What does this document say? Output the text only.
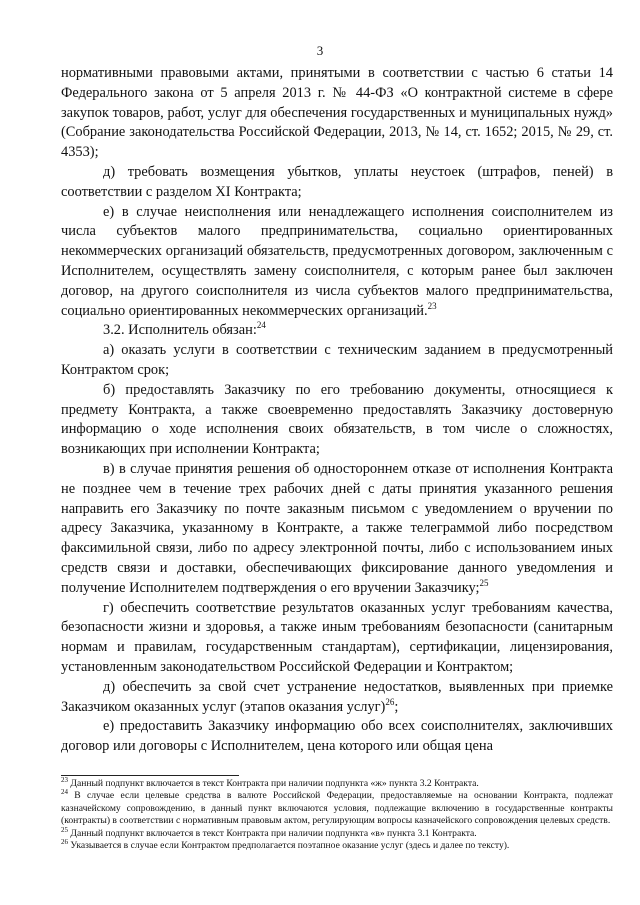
3

нормативными правовыми актами, принятыми в соответствии с частью 6 статьи 14 Федерального закона от 5 апреля 2013 г. № 44-ФЗ «О контрактной системе в сфере закупок товаров, работ, услуг для обеспечения государственных и муниципальных нужд» (Собрание законодательства Российской Федерации, 2013, № 14, ст. 1652; 2015, № 29, ст. 4353);

д) требовать возмещения убытков, уплаты неустоек (штрафов, пеней) в соответствии с разделом XI Контракта;

е) в случае неисполнения или ненадлежащего исполнения соисполнителем из числа субъектов малого предпринимательства, социально ориентированных некоммерческих организаций обязательств, предусмотренных договором, заключенным с Исполнителем, осуществлять замену соисполнителя, с которым ранее был заключен договор, на другого соисполнителя из числа субъектов малого предпринимательства, социально ориентированных некоммерческих организаций.$^{23}$

3.2. Исполнитель обязан:$^{24}$

а) оказать услуги в соответствии с техническим заданием в предусмотренный Контрактом срок;

б) предоставлять Заказчику по его требованию документы, относящиеся к предмету Контракта, а также своевременно предоставлять Заказчику достоверную информацию о ходе исполнения своих обязательств, в том числе о сложностях, возникающих при исполнении Контракта;

в) в случае принятия решения об одностороннем отказе от исполнения Контракта не позднее чем в течение трех рабочих дней с даты принятия указанного решения направить его Заказчику по почте заказным письмом с уведомлением о вручении по адресу Заказчика, указанному в Контракте, а также телеграммой либо посредством факсимильной связи, либо по адресу электронной почты, либо с использованием иных средств связи и доставки, обеспечивающих фиксирование данного уведомления и получение Исполнителем подтверждения о его вручении Заказчику;$^{25}$

г) обеспечить соответствие результатов оказанных услуг требованиям качества, безопасности жизни и здоровья, а также иным требованиям безопасности (санитарным нормам и правилам, государственным стандартам), сертификации, лицензирования, установленным законодательством Российской Федерации и Контрактом;

д) обеспечить за свой счет устранение недостатков, выявленных при приемке Заказчиком оказанных услуг (этапов оказания услуг)$^{26}$;

е) предоставить Заказчику информацию обо всех соисполнителях, заключивших договор или договоры с Исполнителем, цена которого или общая цена

$^{23}$ Данный подпункт включается в текст Контракта при наличии подпункта «ж» пункта 3.2 Контракта.

$^{24}$ В случае если целевые средства в валюте Российской Федерации, предоставляемые на основании Контракта, подлежат казначейскому сопровождению, в данный пункт включаются условия, подлежащие включению в государственные контракты (контракты) в соответствии с нормативным правовым актом, регулирующим вопросы казначейского сопровождения целевых средств.

$^{25}$ Данный подпункт включается в текст Контракта при наличии подпункта «в» пункта 3.1 Контракта.

$^{26}$ Указывается в случае если Контрактом предполагается поэтапное оказание услуг (здесь и далее по тексту).
